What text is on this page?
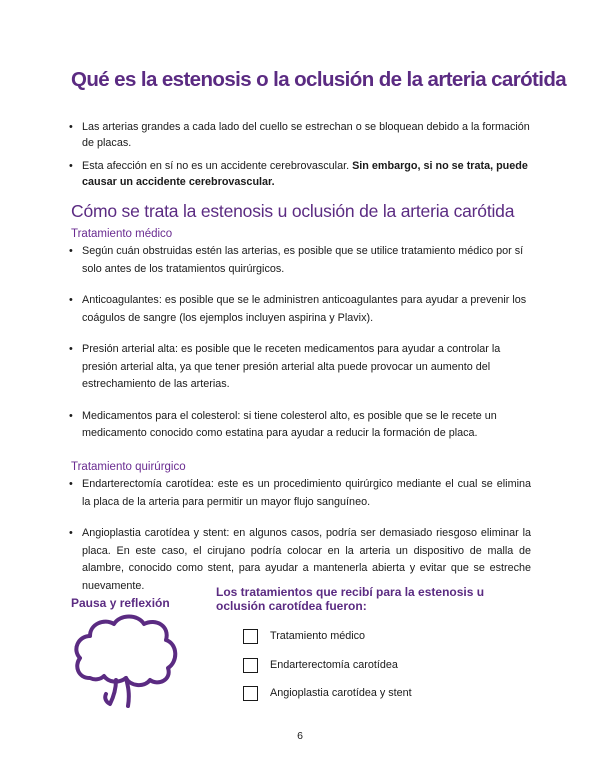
Qué es la estenosis o la oclusión de la arteria carótida
• Las arterias grandes a cada lado del cuello se estrechan o se bloquean debido a la formación de placas.
• Esta afección en sí no es un accidente cerebrovascular. Sin embargo, si no se trata, puede causar un accidente cerebrovascular.
Cómo se trata la estenosis u oclusión de la arteria carótida
Tratamiento médico
• Según cuán obstruidas estén las arterias, es posible que se utilice tratamiento médico por sí solo antes de los tratamientos quirúrgicos.
• Anticoagulantes: es posible que se le administren anticoagulantes para ayudar a prevenir los coágulos de sangre (los ejemplos incluyen aspirina y Plavix).
• Presión arterial alta: es posible que le receten medicamentos para ayudar a controlar la presión arterial alta, ya que tener presión arterial alta puede provocar un aumento del estrechamiento de las arterias.
• Medicamentos para el colesterol: si tiene colesterol alto, es posible que se le recete un medicamento conocido como estatina para ayudar a reducir la formación de placa.
Tratamiento quirúrgico
• Endarterectomía carotídea: este es un procedimiento quirúrgico mediante el cual se elimina la placa de la arteria para permitir un mayor flujo sanguíneo.
• Angioplastia carotídea y stent: en algunos casos, podría ser demasiado riesgoso eliminar la placa. En este caso, el cirujano podría colocar en la arteria un dispositivo de malla de alambre, conocido como stent, para ayudar a mantenerla abierta y evitar que se estreche nuevamente.
Pausa y reflexión
Los tratamientos que recibí para la estenosis u oclusión carotídea fueron:
Tratamiento médico
Endarterectomía carotídea
Angioplastia carotídea y stent
6
